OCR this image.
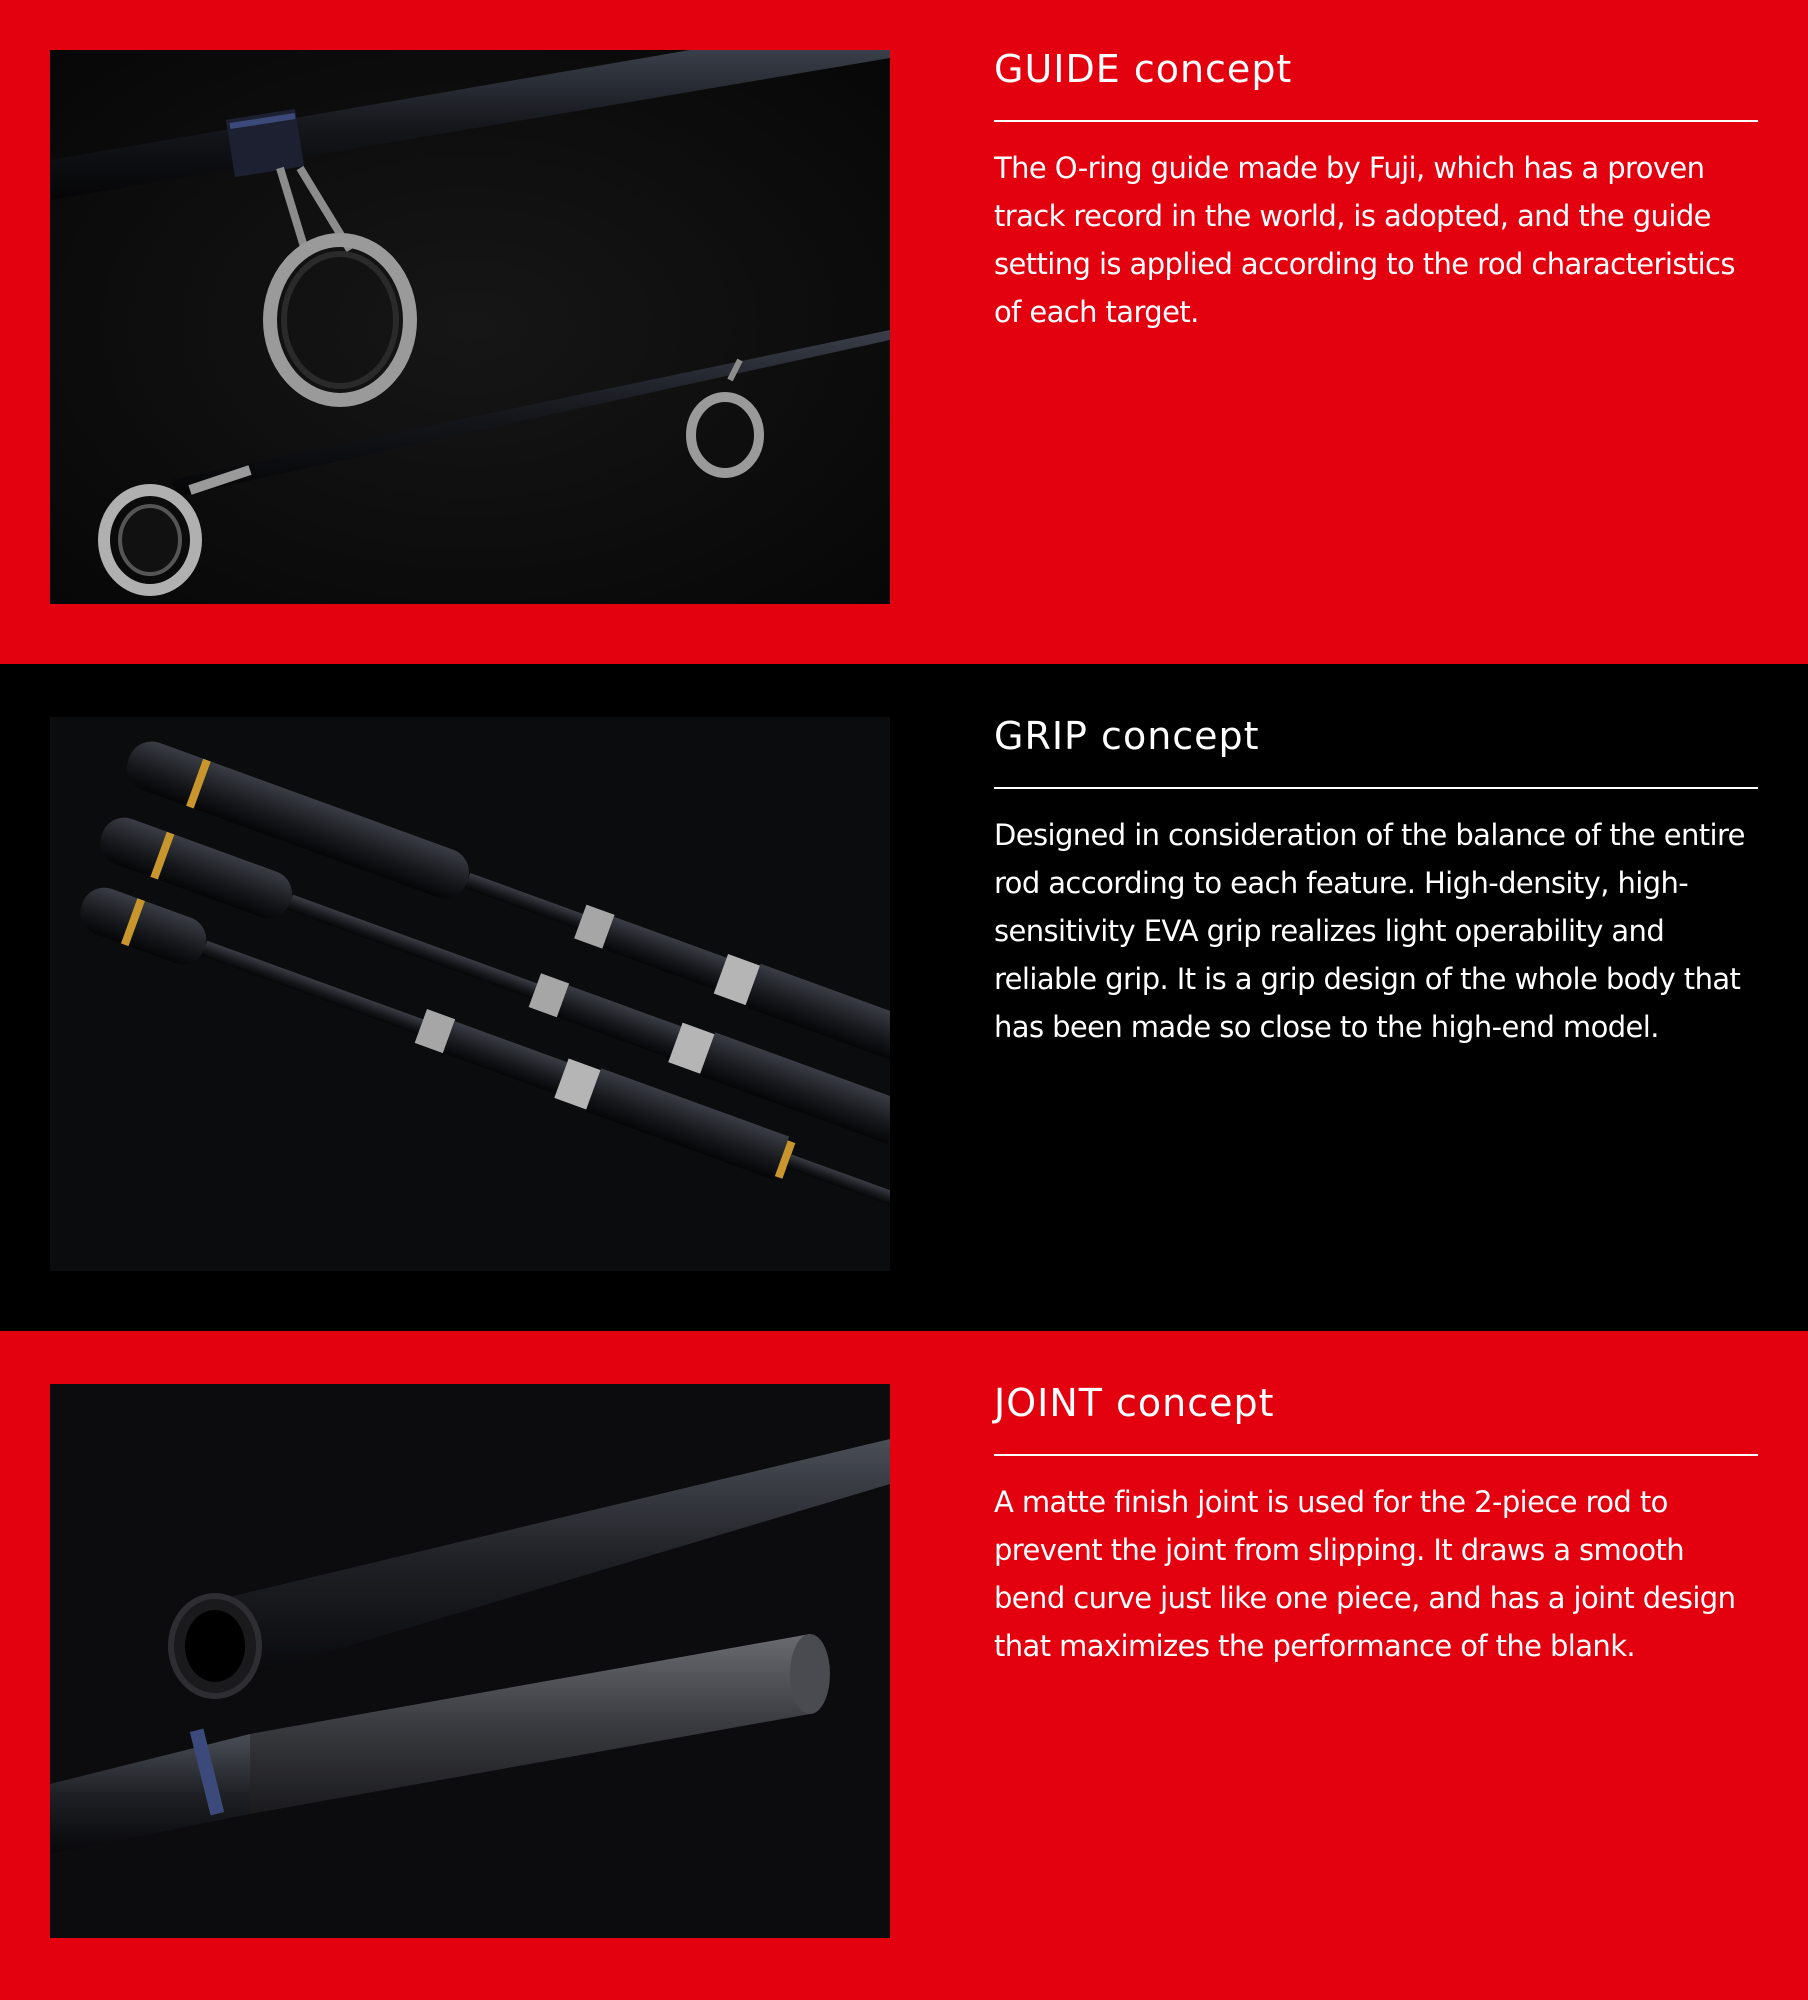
GUIDE concept

The O-ring guide made by Fuji, which has a proven track record in the world, is adopted, and the guide setting is applied according to the rod characteristics of each target.

GRIP concept

Designed in consideration of the balance of the entire rod according to each feature. High-density, high-sensitivity EVA grip realizes light operability and reliable grip. It is a grip design of the whole body that has been made so close to the high-end model.

JOINT concept

A matte finish joint is used for the 2-piece rod to prevent the joint from slipping. It draws a smooth bend curve just like one piece, and has a joint design that maximizes the performance of the blank.
